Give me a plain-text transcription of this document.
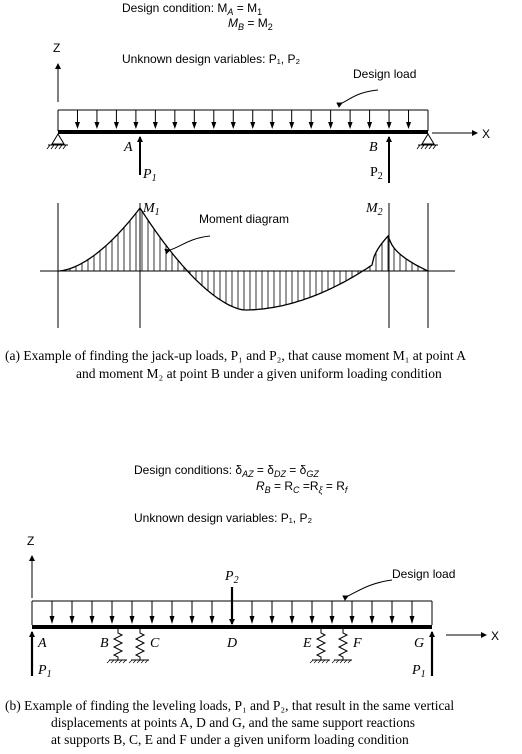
Design condition: $M_A = M_1$
$M_B = M_2$
Unknown design variables: P₁, P₂
Design load
Z
X
A
$P_1$
B
$P_2$
$M_1$	$M_2$
Moment diagram
(a) Example of finding the jack-up loads, P₁ and P₂, that cause moment M₁ at point A
and moment M₂ at point B under a given uniform loading condition
Design conditions: $\delta_{AZ} = \delta_{DZ} = \delta_{GZ}$
$R_B = R_C =R_\xi = R_f$
Unknown design variables: P₁, P₂
Z
Design load
$P_2$
X
A	B	C	D	E	F	G
$P_1$	$P_1$
(b) Example of finding the leveling loads, P₁ and P₂, that result in the same vertical
displacements at points A, D and G, and the same support reactions
at supports B, C, E and F under a given uniform loading condition
